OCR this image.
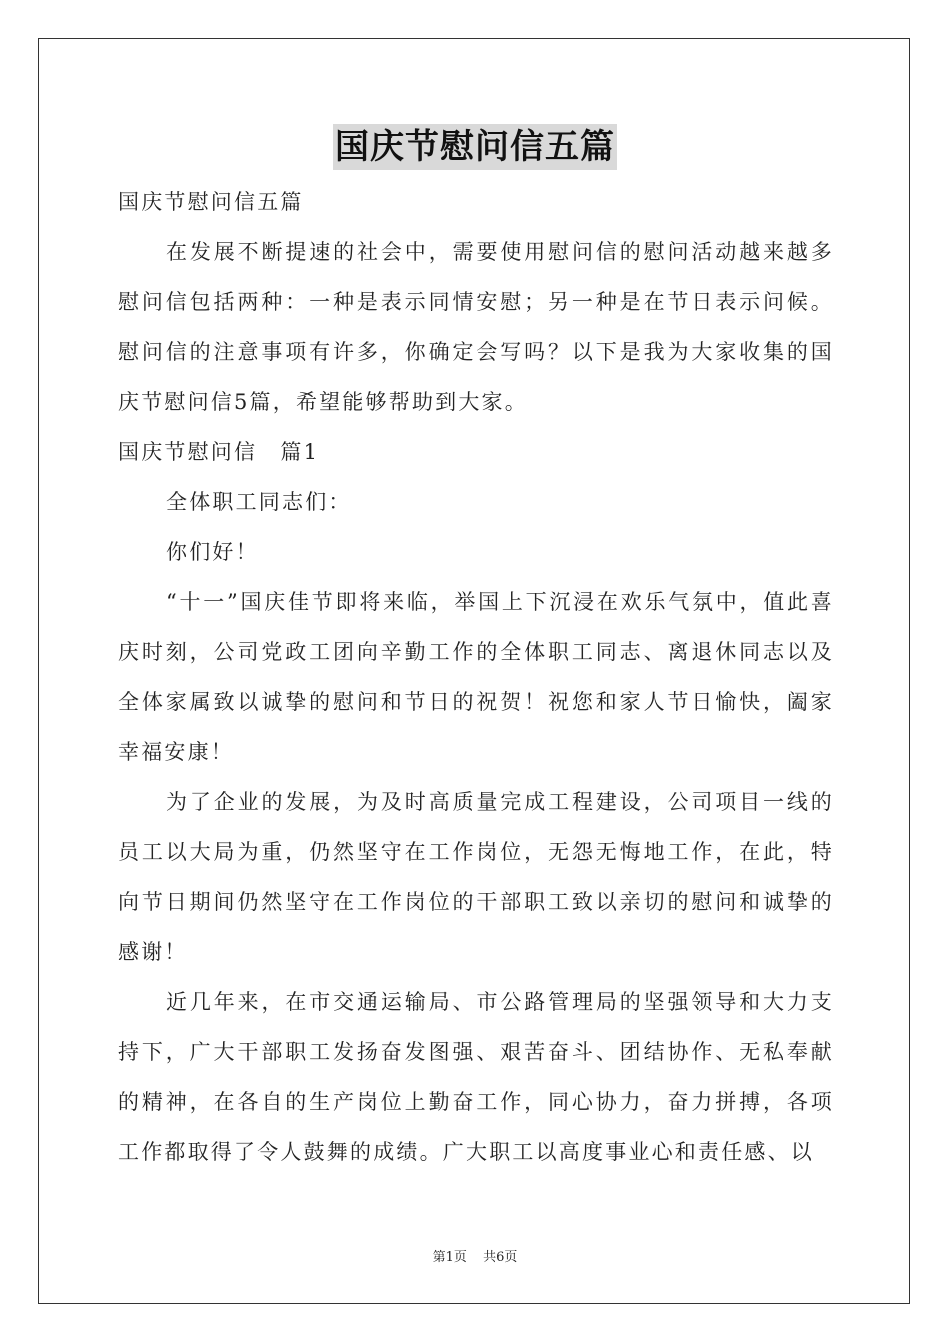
国庆节慰问信五篇

国庆节慰问信五篇

在发展不断提速的社会中，需要使用慰问信的慰问活动越来越多慰问信包括两种：一种是表示同情安慰；另一种是在节日表示问候。慰问信的注意事项有许多，你确定会写吗？以下是我为大家收集的国庆节慰问信5篇，希望能够帮助到大家。

国庆节慰问信　篇1

全体职工同志们：

你们好！

“十一”国庆佳节即将来临，举国上下沉浸在欢乐气氛中，值此喜庆时刻，公司党政工团向辛勤工作的全体职工同志、离退休同志以及全体家属致以诚挚的慰问和节日的祝贺！祝您和家人节日愉快，阖家幸福安康！

为了企业的发展，为及时高质量完成工程建设，公司项目一线的员工以大局为重，仍然坚守在工作岗位，无怨无悔地工作，在此，特向节日期间仍然坚守在工作岗位的干部职工致以亲切的慰问和诚挚的感谢！

近几年来，在市交通运输局、市公路管理局的坚强领导和大力支持下，广大干部职工发扬奋发图强、艰苦奋斗、团结协作、无私奉献的精神，在各自的生产岗位上勤奋工作，同心协力，奋力拼搏，各项工作都取得了令人鼓舞的成绩。广大职工以高度事业心和责任感、以

第1页 共6页
